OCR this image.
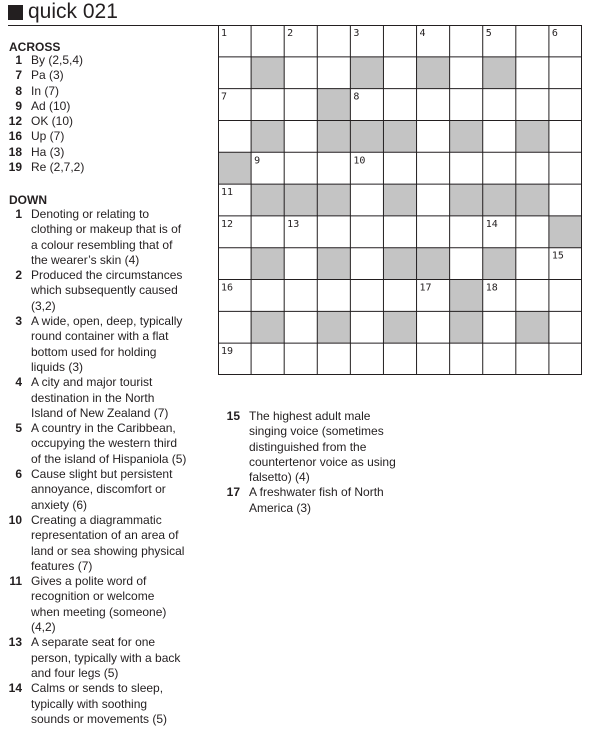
quick 021
ACROSS
1 By (2,5,4)
7 Pa (3)
8 In (7)
9 Ad (10)
12 OK (10)
16 Up (7)
18 Ha (3)
19 Re (2,7,2)
DOWN
1 Denoting or relating to
clothing or makeup that is of
a colour resembling that of
the wearer’s skin (4)
2 Produced the circumstances
which subsequently caused
(3,2)
3 A wide, open, deep, typically
round container with a flat
bottom used for holding
liquids (3)
4 A city and major tourist
destination in the North
Island of New Zealand (7)
5 A country in the Caribbean,
occupying the western third
of the island of Hispaniola (5)
6 Cause slight but persistent
annoyance, discomfort or
anxiety (6)
10 Creating a diagrammatic
representation of an area of
land or sea showing physical
features (7)
11 Gives a polite word of
recognition or welcome
when meeting (someone)
(4,2)
13 A separate seat for one
person, typically with a back
and four legs (5)
14 Calms or sends to sleep,
typically with soothing
sounds or movements (5)
15 The highest adult male
singing voice (sometimes
distinguished from the
countertenor voice as using
falsetto) (4)
17 A freshwater fish of North
America (3)
1	2	3	4	5	6
7	8
9	10
11
12	13	14
15
16	17	18
19
